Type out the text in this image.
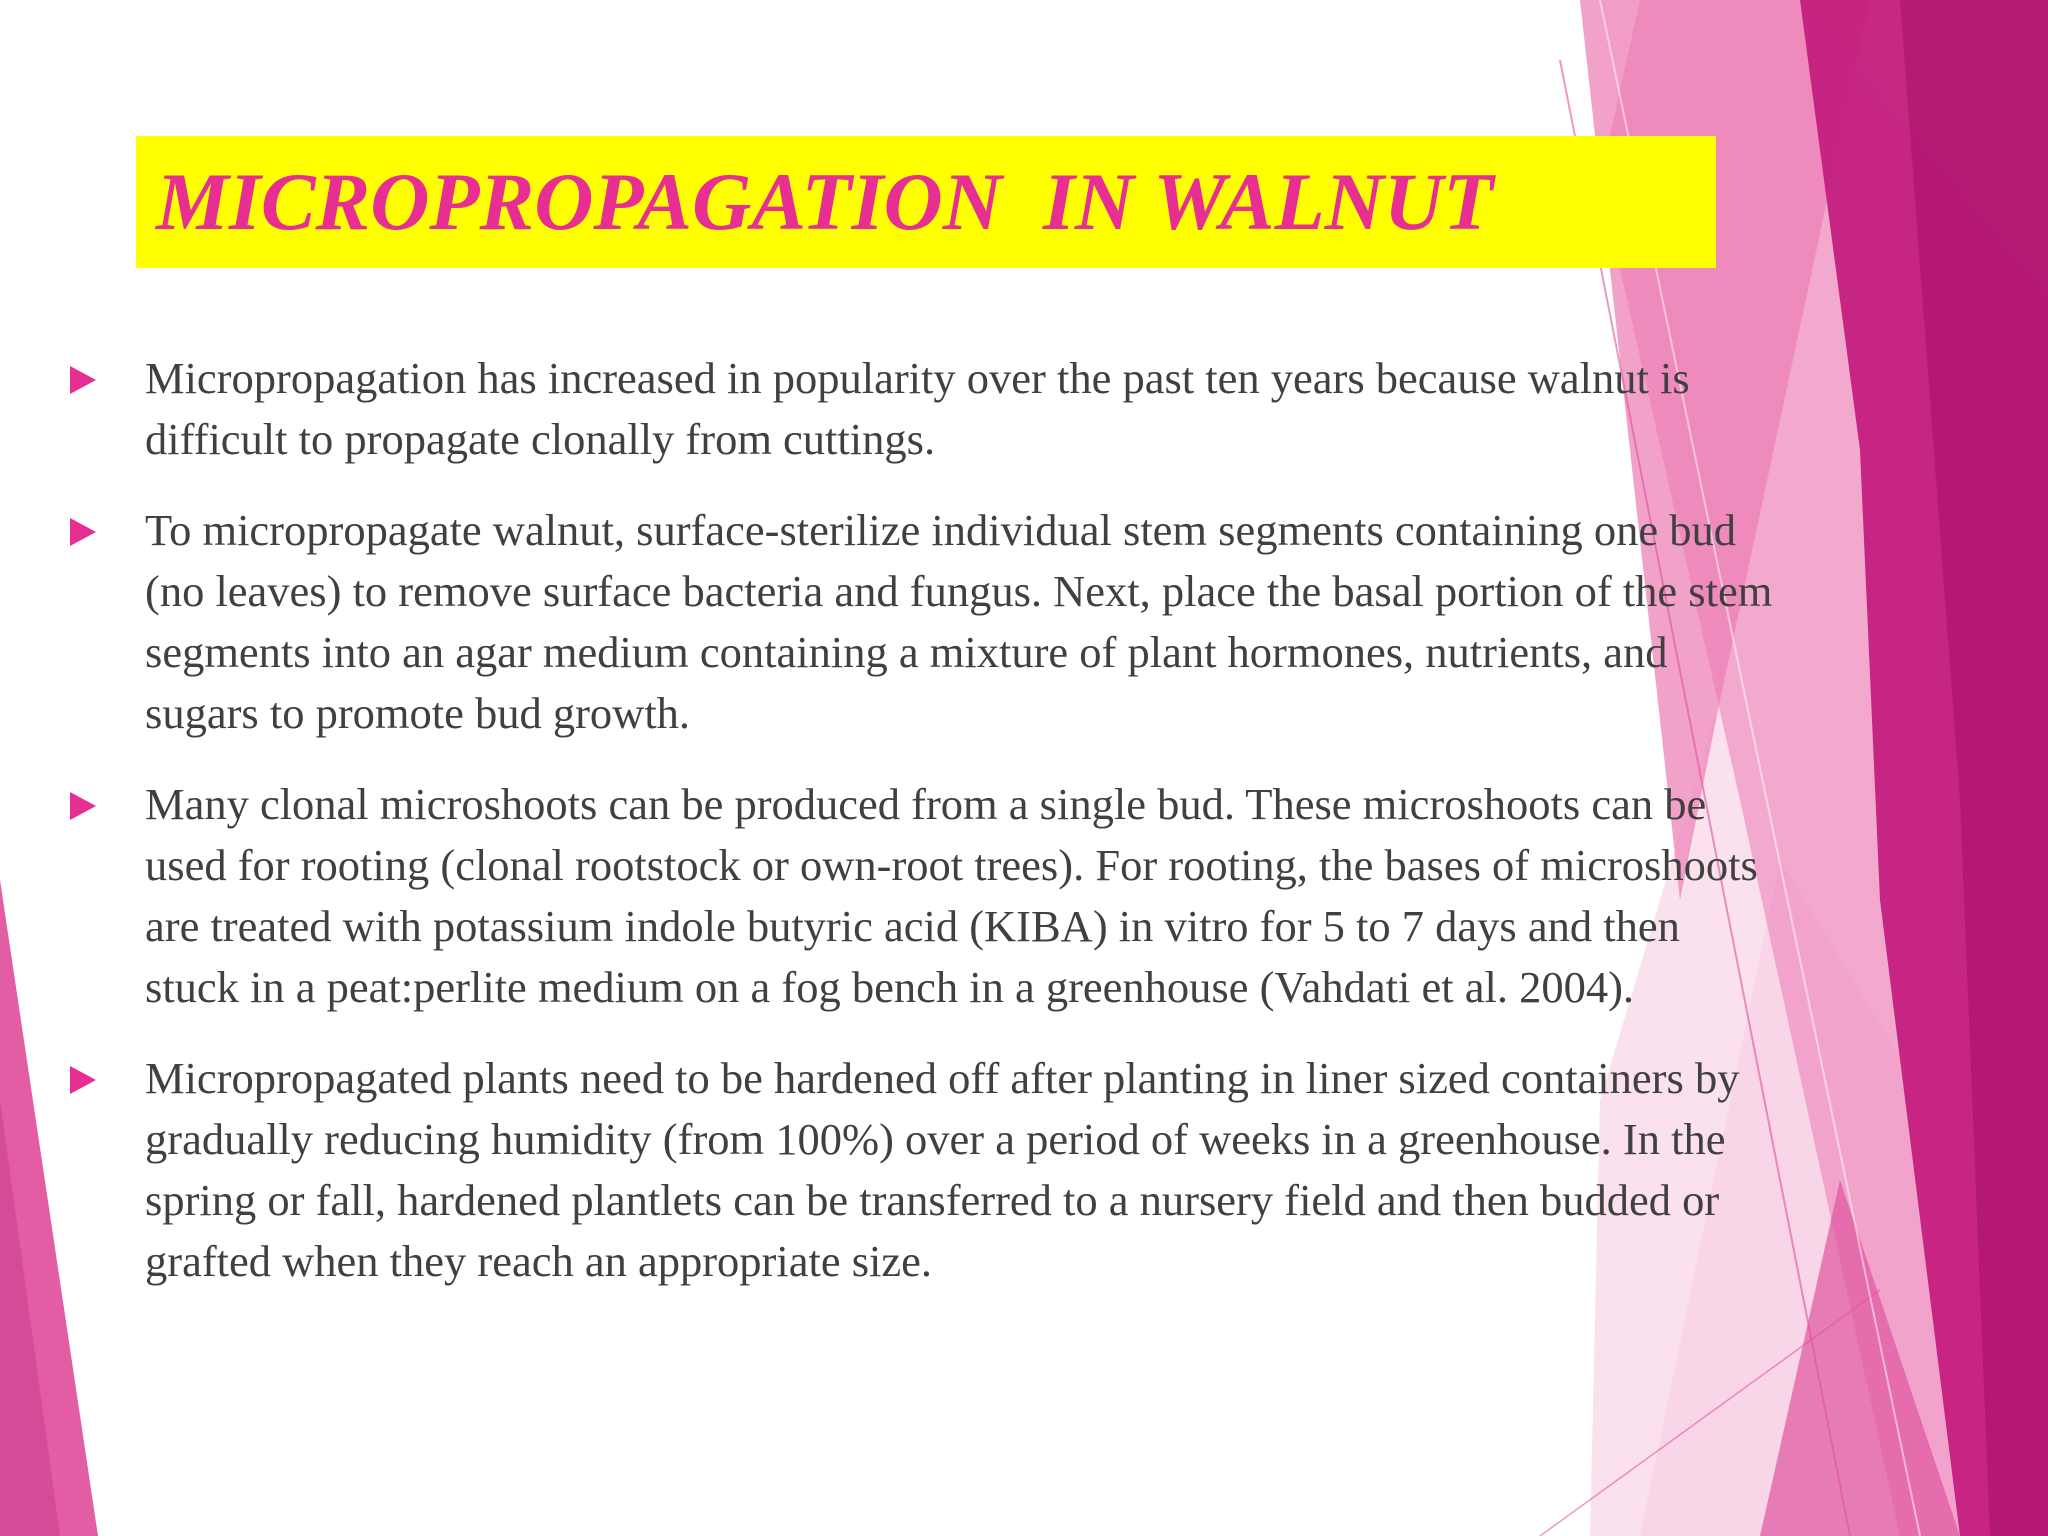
MICROPROPAGATION  IN WALNUT

Micropropagation has increased in popularity over the past ten years because walnut is
difficult to propagate clonally from cuttings.

To micropropagate walnut, surface-sterilize individual stem segments containing one bud
(no leaves) to remove surface bacteria and fungus. Next, place the basal portion of the stem
segments into an agar medium containing a mixture of plant hormones, nutrients, and
sugars to promote bud growth.

Many clonal microshoots can be produced from a single bud. These microshoots can be
used for rooting (clonal rootstock or own-root trees). For rooting, the bases of microshoots
are treated with potassium indole butyric acid (KIBA) in vitro for 5 to 7 days and then
stuck in a peat:perlite medium on a fog bench in a greenhouse (Vahdati et al. 2004).

Micropropagated plants need to be hardened off after planting in liner sized containers by
gradually reducing humidity (from 100%) over a period of weeks in a greenhouse. In the
spring or fall, hardened plantlets can be transferred to a nursery field and then budded or
grafted when they reach an appropriate size.
